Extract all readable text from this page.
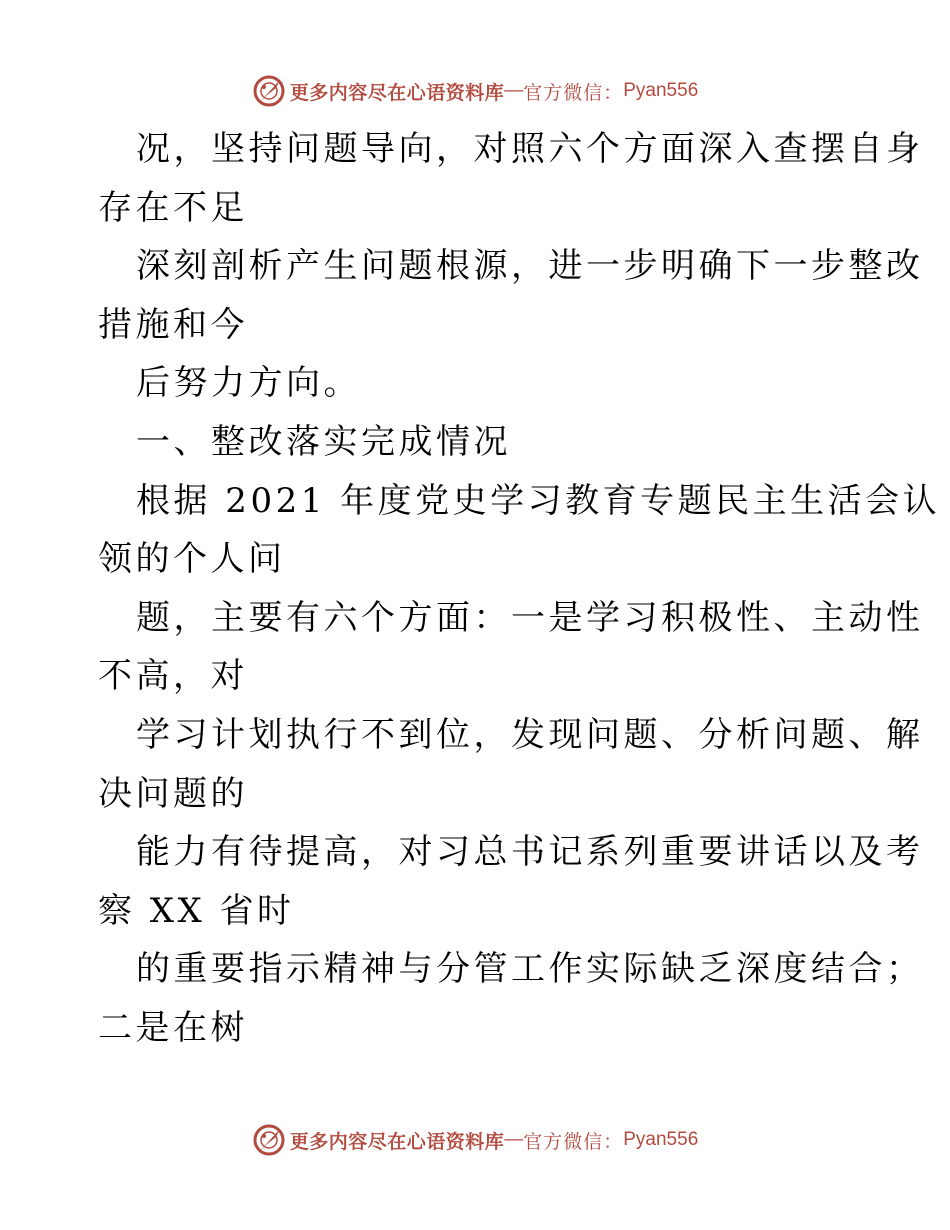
更多内容尽在心语资料库 — 官方微信： Pyan556
况，坚持问题导向，对照六个方面深入查摆自身
存在不足
深刻剖析产生问题根源，进一步明确下一步整改
措施和今
后努力方向。
一、整改落实完成情况
根据 2021 年度党史学习教育专题民主生活会认
领的个人问
题，主要有六个方面：一是学习积极性、主动性
不高，对
学习计划执行不到位，发现问题、分析问题、解
决问题的
能力有待提高，对习总书记系列重要讲话以及考
察 XX 省时
的重要指示精神与分管工作实际缺乏深度结合；
二是在树
更多内容尽在心语资料库 — 官方微信： Pyan556
